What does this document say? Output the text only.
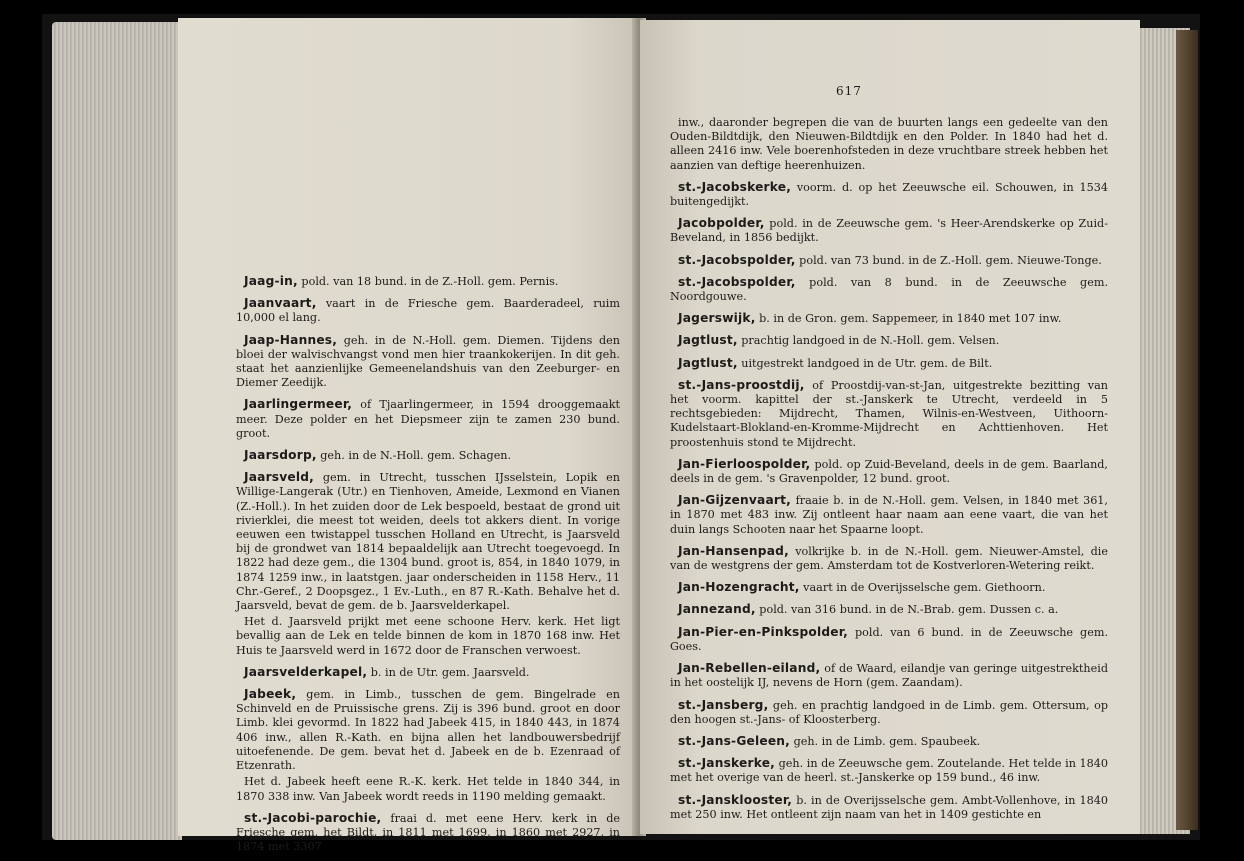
Jaag-in, pold. van 18 bund. in de Z.-Holl. gem. Pernis.

Jaanvaart, vaart in de Friesche gem. Baarderadeel, ruim 10,000 el lang.

Jaap-Hannes, geh. in de N.-Holl. gem. Diemen. Tijdens den bloei der walvischvangst vond men hier traankokerijen. In dit geh. staat het aanzienlijke Gemeenelandshuis van den Zeeburger- en Diemer Zeedijk.

Jaarlingermeer, of Tjaarlingermeer, in 1594 drooggemaakt meer. Deze polder en het Diepsmeer zijn te zamen 230 bund. groot.

Jaarsdorp, geh. in de N.-Holl. gem. Schagen.

Jaarsveld, gem. in Utrecht, tusschen IJsselstein, Lopik en Willige-Langerak (Utr.) en Tienhoven, Ameide, Lexmond en Vianen (Z.-Holl.). In het zuiden door de Lek bespoeld, bestaat de grond uit rivierklei, die meest tot weiden, deels tot akkers dient. In vorige eeuwen een twistappel tusschen Holland en Utrecht, is Jaarsveld bij de grondwet van 1814 bepaaldelijk aan Utrecht toegevoegd. In 1822 had deze gem., die 1304 bund. groot is, 854, in 1840 1079, in 1874 1259 inw., in laatstgen. jaar onderscheiden in 1158 Herv., 11 Chr.-Geref., 2 Doopsgez., 1 Ev.-Luth., en 87 R.-Kath. Behalve het d. Jaarsveld, bevat de gem. de b. Jaarsvelderkapel.

Het d. Jaarsveld prijkt met eene schoone Herv. kerk. Het ligt bevallig aan de Lek en telde binnen de kom in 1870 168 inw. Het Huis te Jaarsveld werd in 1672 door de Franschen verwoest.

Jaarsvelderkapel, b. in de Utr. gem. Jaarsveld.

Jabeek, gem. in Limb., tusschen de gem. Bingelrade en Schinveld en de Pruissische grens. Zij is 396 bund. groot en door Limb. klei gevormd. In 1822 had Jabeek 415, in 1840 443, in 1874 406 inw., allen R.-Kath. en bijna allen het landbouwersbedrijf uitoefenende. De gem. bevat het d. Jabeek en de b. Ezenraad of Etzenrath.

Het d. Jabeek heeft eene R.-K. kerk. Het telde in 1840 344, in 1870 338 inw. Van Jabeek wordt reeds in 1190 melding gemaakt.

st.-Jacobi-parochie, fraai d. met eene Herv. kerk in de Friesche gem. het Bildt, in 1811 met 1699, in 1860 met 2927, in 1874 met 3307

617

inw., daaronder begrepen die van de buurten langs een gedeelte van den Ouden-Bildtdijk, den Nieuwen-Bildtdijk en den Polder. In 1840 had het d. alleen 2416 inw. Vele boerenhofsteden in deze vruchtbare streek hebben het aanzien van deftige heerenhuizen.

st.-Jacobskerke, voorm. d. op het Zeeuwsche eil. Schouwen, in 1534 buitengedijkt.

Jacobpolder, pold. in de Zeeuwsche gem. 's Heer-Arendskerke op Zuid-Beveland, in 1856 bedijkt.

st.-Jacobspolder, pold. van 73 bund. in de Z.-Holl. gem. Nieuwe-Tonge.

st.-Jacobspolder, pold. van 8 bund. in de Zeeuwsche gem. Noordgouwe.

Jagerswijk, b. in de Gron. gem. Sappemeer, in 1840 met 107 inw.

Jagtlust, prachtig landgoed in de N.-Holl. gem. Velsen.

Jagtlust, uitgestrekt landgoed in de Utr. gem. de Bilt.

st.-Jans-proostdij, of Proostdij-van-st-Jan, uitgestrekte bezitting van het voorm. kapittel der st.-Janskerk te Utrecht, verdeeld in 5 rechtsgebieden: Mijdrecht, Thamen, Wilnis-en-Westveen, Uithoorn-Kudelstaart-Blokland-en-Kromme-Mijdrecht en Achttienhoven. Het proostenhuis stond te Mijdrecht.

Jan-Fierloospolder, pold. op Zuid-Beveland, deels in de gem. Baarland, deels in de gem. 's Gravenpolder, 12 bund. groot.

Jan-Gijzenvaart, fraaie b. in de N.-Holl. gem. Velsen, in 1840 met 361, in 1870 met 483 inw. Zij ontleent haar naam aan eene vaart, die van het duin langs Schooten naar het Spaarne loopt.

Jan-Hansenpad, volkrijke b. in de N.-Holl. gem. Nieuwer-Amstel, die van de westgrens der gem. Amsterdam tot de Kostverloren-Wetering reikt.

Jan-Hozengracht, vaart in de Overijsselsche gem. Giethoorn.

Jannezand, pold. van 316 bund. in de N.-Brab. gem. Dussen c. a.

Jan-Pier-en-Pinkspolder, pold. van 6 bund. in de Zeeuwsche gem. Goes.

Jan-Rebellen-eiland, of de Waard, eilandje van geringe uitgestrektheid in het oostelijk IJ, nevens de Horn (gem. Zaandam).

st.-Jansberg, geh. en prachtig landgoed in de Limb. gem. Ottersum, op den hoogen st.-Jans- of Kloosterberg.

st.-Jans-Geleen, geh. in de Limb. gem. Spaubeek.

st.-Janskerke, geh. in de Zeeuwsche gem. Zoutelande. Het telde in 1840 met het overige van de heerl. st.-Janskerke op 159 bund., 46 inw.

st.-Jansklooster, b. in de Overijsselsche gem. Ambt-Vollenhove, in 1840 met 250 inw. Het ontleent zijn naam van het in 1409 gestichte en
